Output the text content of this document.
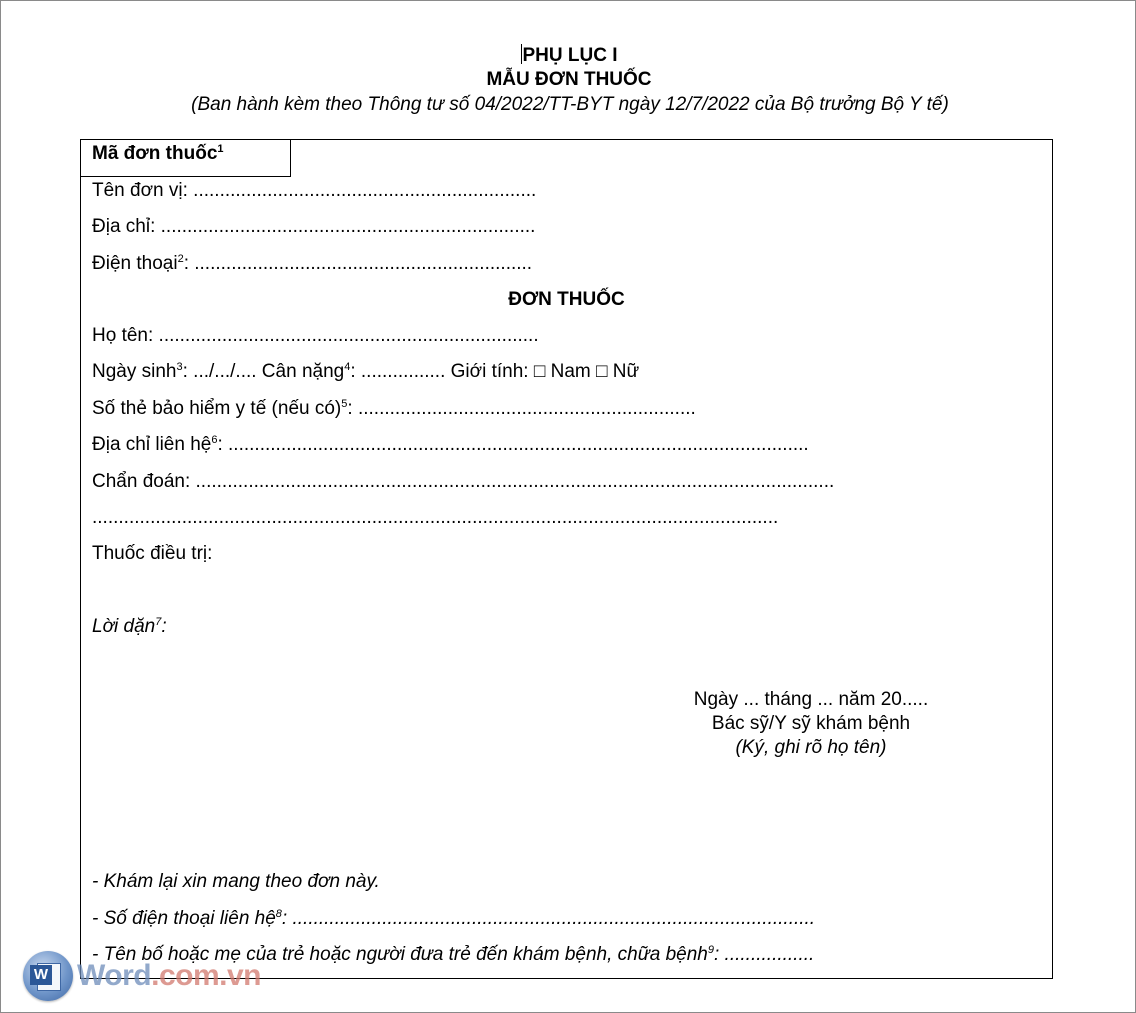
PHỤ LỤC I
MẪU ĐƠN THUỐC
(Ban hành kèm theo Thông tư số 04/2022/TT-BYT ngày 12/7/2022 của Bộ trưởng Bộ Y tế)
Mã đơn thuốc$^1$
Tên đơn vị: .................................................................
Địa chỉ: .......................................................................
Điện thoại$^2$: ................................................................
ĐƠN THUỐC
Họ tên: ........................................................................
Ngày $\sinh^3$: .../.../.... Cân nặng$^4$: ................ Giới tính: □ Nam □ Nữ
Số thẻ bảo hiểm y tế (nếu có)$^5$: ................................................................
Địa chỉ liên hệ$^6$: ..............................................................................................................
Chẩn đoán: .........................................................................................................................
..................................................................................................................................
Thuốc điều trị:
Lời dặn$^7$:
Ngày ... tháng ... năm 20.....
Bác sỹ/Y sỹ khám bệnh
(Ký, ghi rõ họ tên)
- Khám lại xin mang theo đơn này.
- Số điện thoại liên hệ$^8$: ...................................................................................................
- Tên bố hoặc mẹ của trẻ hoặc người đưa trẻ đến khám bệnh, chữa bệnh$^9$: .................
W Word.com.vn
